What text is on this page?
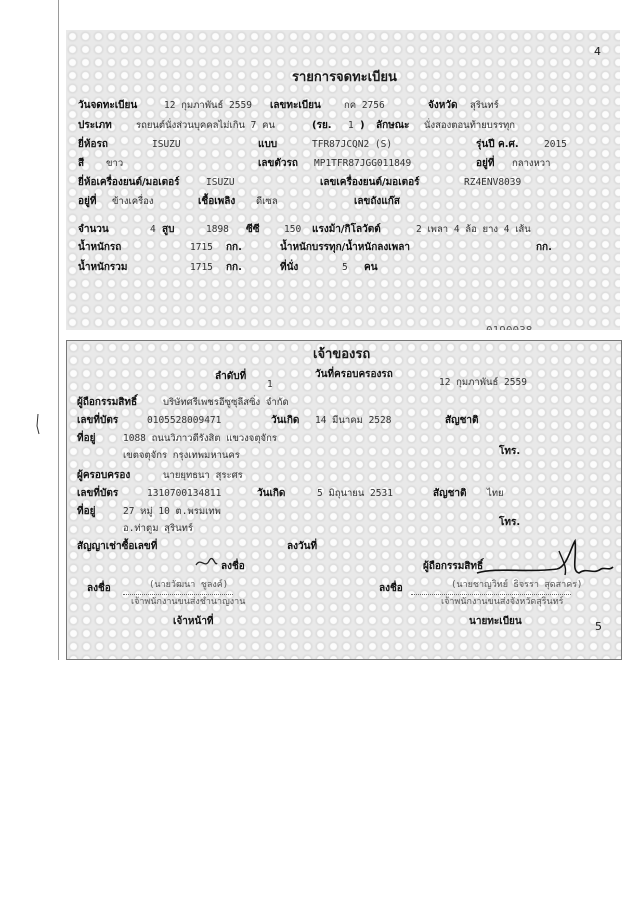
4
รายการจดทะเบียน
วันจดทะเบียน	12 กุมภาพันธ์ 2559 เลขทะเบียน กค 2756	จังหวัด สุรินทร์
ประเภท	รถยนต์นั่งส่วนบุคคลไม่เกิน 7 คน	(รย. 1 ) ลักษณะ นั่งสองตอนท้ายบรรทุก
ยี่ห้อรถ	ISUZU	แบบ	TFR87JCQN2 (S)	รุ่นปี ค.ศ.	2015
สี ขาว	เลขตัวรถ MP1TFR87JGG011849	อยู่ที่ กลางหวา
ยี่ห้อเครื่องยนต์/มอเตอร์	ISUZU	เลขเครื่องยนต์/มอเตอร์	RZ4ENV8039
อยู่ที่ ข้างเครื่อง	เชื้อเพลิง ดีเซล	เลขถังแก๊ส
จำนวน	4 สูบ	1898 ซีซี	150 แรงม้า/กิโลวัตต์	2 เพลา 4 ล้อ ยาง 4 เส้น
น้ำหนักรถ	1715 กก.	น้ำหนักบรรทุก/น้ำหนักลงเพลา	กก.
น้ำหนักรวม	1715 กก.	ที่นั่ง	5 คน
เจ้าของรถ
ลำดับที่
1
วันที่ครอบครองรถ
12 กุมภาพันธ์ 2559
ผู้ถือกรรมสิทธิ์	บริษัทศรีเพชรอีซูซุลีสซิ่ง จำกัด
เลขที่บัตร	0105528009471	วันเกิด 14 มีนาคม 2528	สัญชาติ
ที่อยู่	1088 ถนนวิภาวดีรังสิต แขวงจตุจักร
เขตจตุจักร กรุงเทพมหานคร	โทร.
ผู้ครอบครอง	นายยุทธนา สุระศร
เลขที่บัตร	1310700134811	วันเกิด	5 มิถุนายน 2531	สัญชาติ ไทย
ที่อยู่	27 หมู่ 10 ต.พรมเทพ
อ.ท่าตูม สุรินทร์
โทร.
สัญญาเช่าซื้อเลขที่	ลงวันที่
ลงชื่อ	ผู้ถือกรรมสิทธิ์
ลงชื่อ	(นายวัฒนา ชูลงค์)
เจ้าพนักงานขนส่งชำนาญงาน
ลงชื่อ	(นายชาญวิทย์ ธิจรรา สุดสาคร)
เจ้าพนักงานขนส่งจังหวัดสุรินทร์
เจ้าหน้าที่	นายทะเบียน	5
